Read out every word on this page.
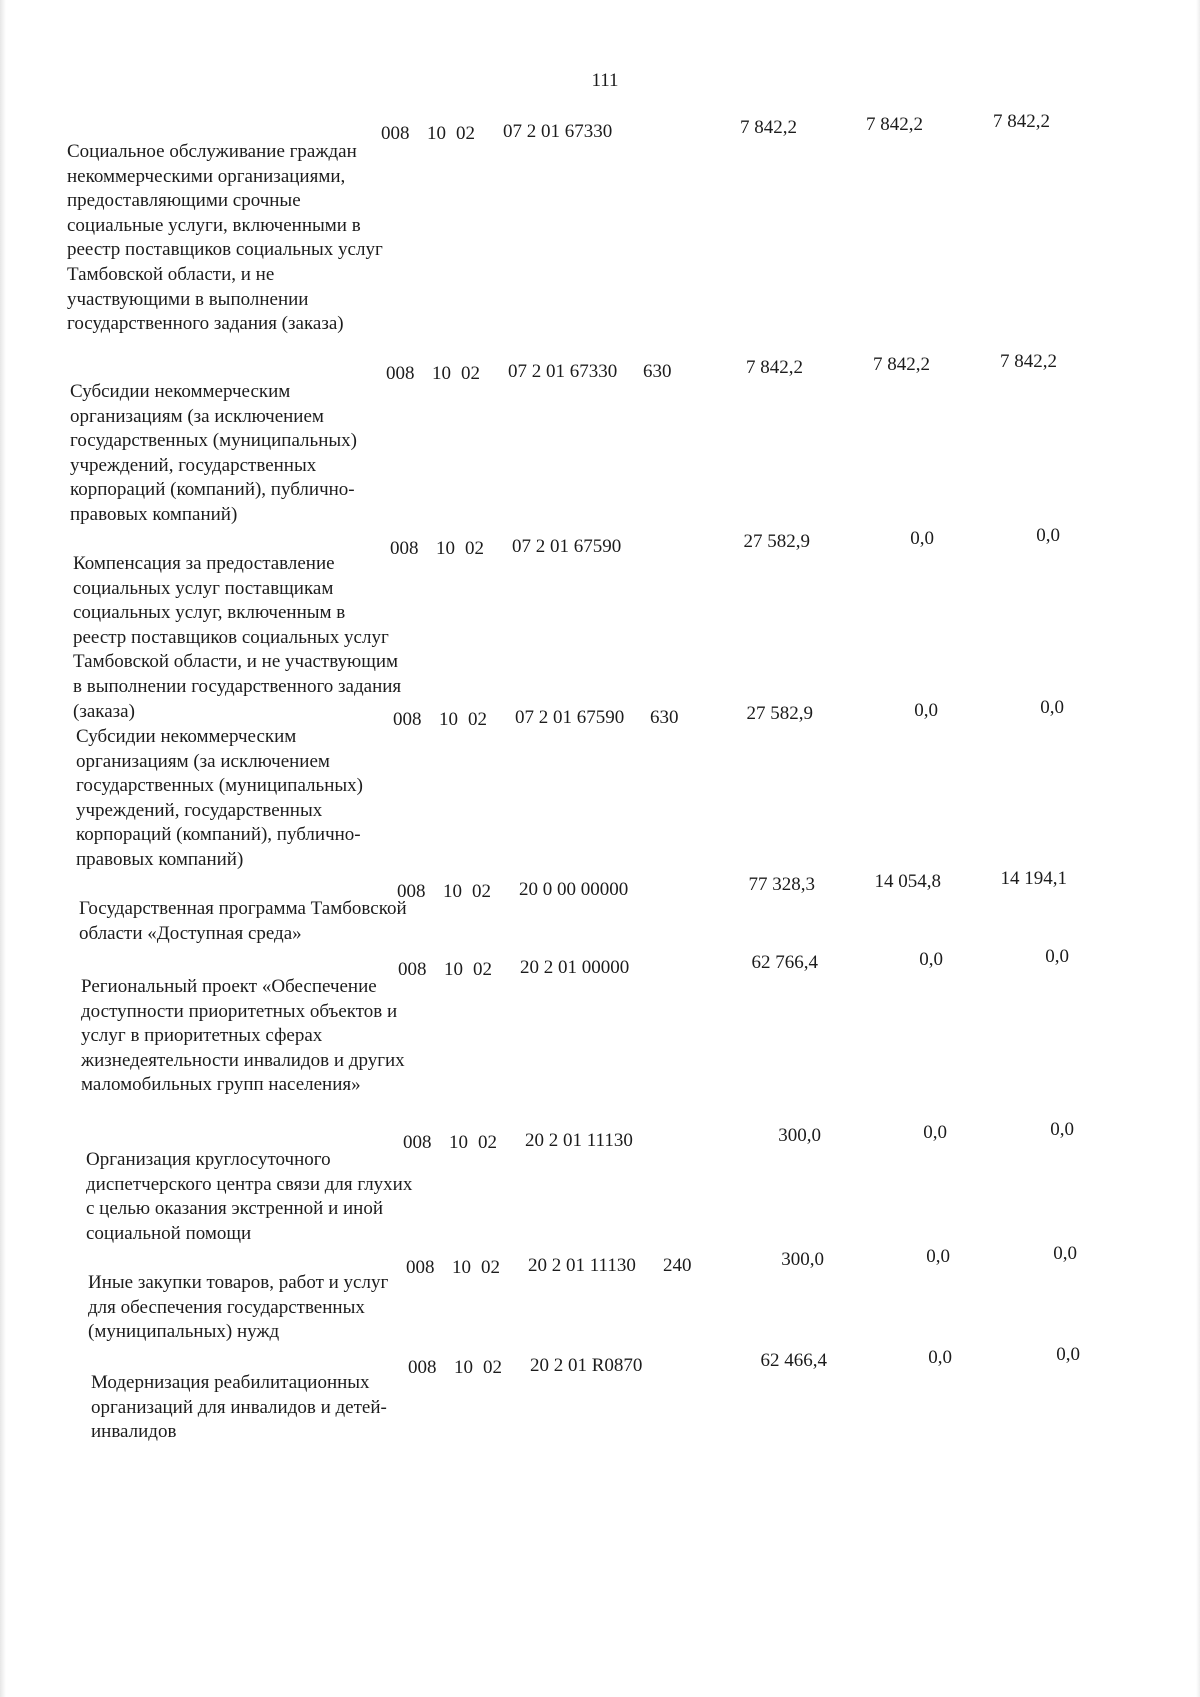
111
Социальное обслуживание граждан некоммерческими организациями, предоставляющими срочные социальные услуги, включенными в реестр поставщиков социальных услуг Тамбовской области, и не участвующими в выполнении государственного задания (заказа)
008 10 02 07 2 01 67330	7 842,2	7 842,2	7 842,2
Субсидии некоммерческим организациям (за исключением государственных (муниципальных) учреждений, государственных корпораций (компаний), публично-правовых компаний)
008 10 02 07 2 01 67330 630	7 842,2	7 842,2	7 842,2
Компенсация за предоставление социальных услуг поставщикам социальных услуг, включенным в реестр поставщиков социальных услуг Тамбовской области, и не участвующим в выполнении государственного задания (заказа)
008 10 02 07 2 01 67590	27 582,9	0,0	0,0
Субсидии некоммерческим организациям (за исключением государственных (муниципальных) учреждений, государственных корпораций (компаний), публично-правовых компаний)
008 10 02 07 2 01 67590 630	27 582,9	0,0	0,0
Государственная программа Тамбовской области «Доступная среда»
008 10 02 20 0 00 00000	77 328,3	14 054,8	14 194,1
Региональный проект «Обеспечение доступности приоритетных объектов и услуг в приоритетных сферах жизнедеятельности инвалидов и других маломобильных групп населения»
008 10 02 20 2 01 00000	62 766,4	0,0	0,0
Организация круглосуточного диспетчерского центра связи для глухих с целью оказания экстренной и иной социальной помощи
008 10 02 20 2 01 11130	300,0	0,0	0,0
Иные закупки товаров, работ и услуг для обеспечения государственных (муниципальных) нужд
008 10 02 20 2 01 11130 240	300,0	0,0	0,0
Модернизация реабилитационных организаций для инвалидов и детей-инвалидов
008 10 02 20 2 01 R0870	62 466,4	0,0	0,0
